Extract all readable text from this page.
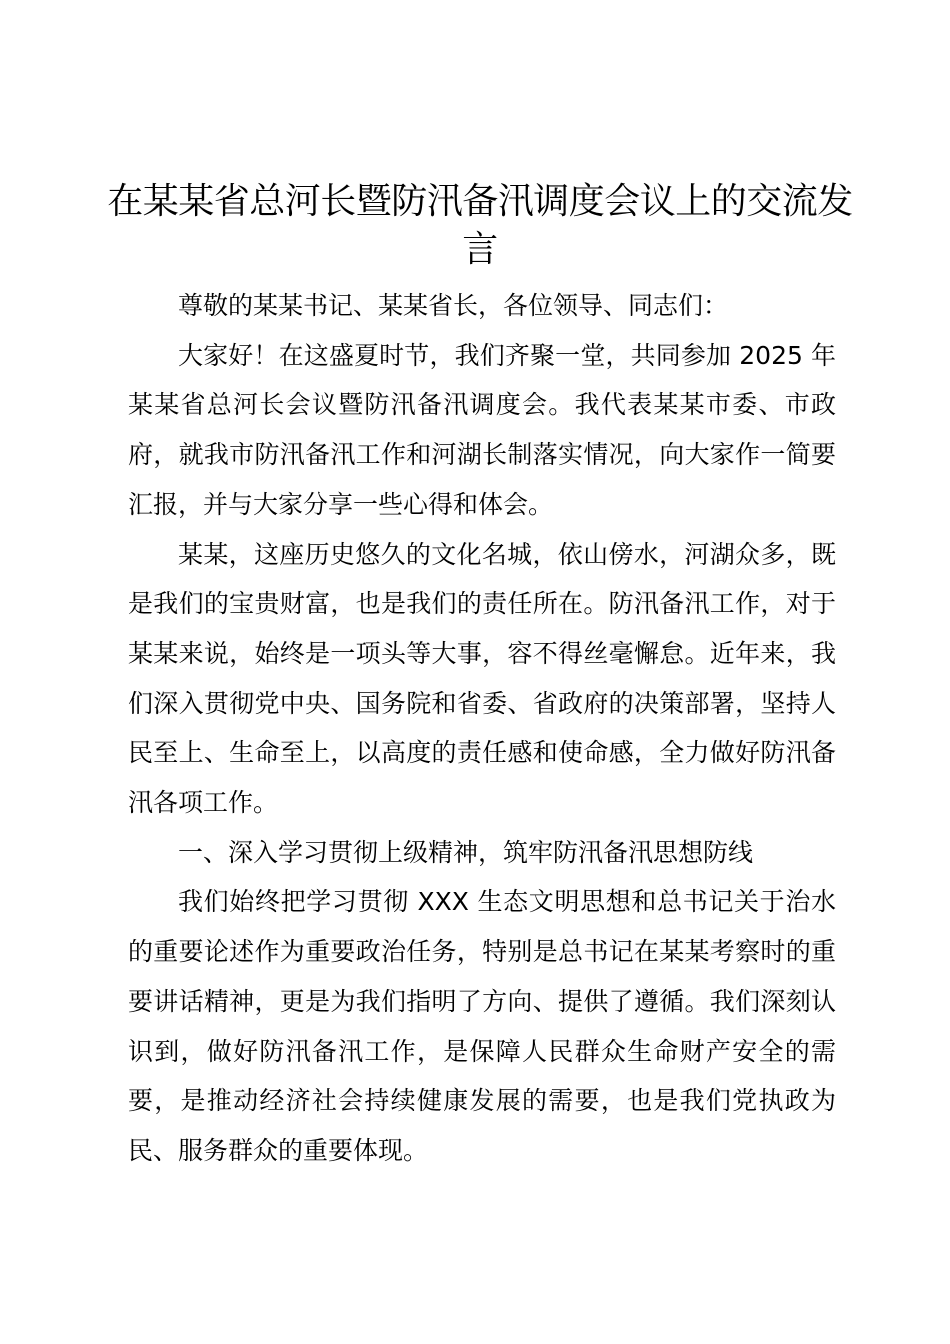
在某某省总河长暨防汛备汛调度会议上的交流发言

尊敬的某某书记、某某省长，各位领导、同志们：

大家好！在这盛夏时节，我们齐聚一堂，共同参加 2025 年某某省总河长会议暨防汛备汛调度会。我代表某某市委、市政府，就我市防汛备汛工作和河湖长制落实情况，向大家作一简要汇报，并与大家分享一些心得和体会。

某某，这座历史悠久的文化名城，依山傍水，河湖众多，既是我们的宝贵财富，也是我们的责任所在。防汛备汛工作，对于某某来说，始终是一项头等大事，容不得丝毫懈怠。近年来，我们深入贯彻党中央、国务院和省委、省政府的决策部署，坚持人民至上、生命至上，以高度的责任感和使命感，全力做好防汛备汛各项工作。

一、深入学习贯彻上级精神，筑牢防汛备汛思想防线

我们始终把学习贯彻 XXX 生态文明思想和总书记关于治水的重要论述作为重要政治任务，特别是总书记在某某考察时的重要讲话精神，更是为我们指明了方向、提供了遵循。我们深刻认识到，做好防汛备汛工作，是保障人民群众生命财产安全的需要，是推动经济社会持续健康发展的需要，也是我们党执政为民、服务群众的重要体现。
